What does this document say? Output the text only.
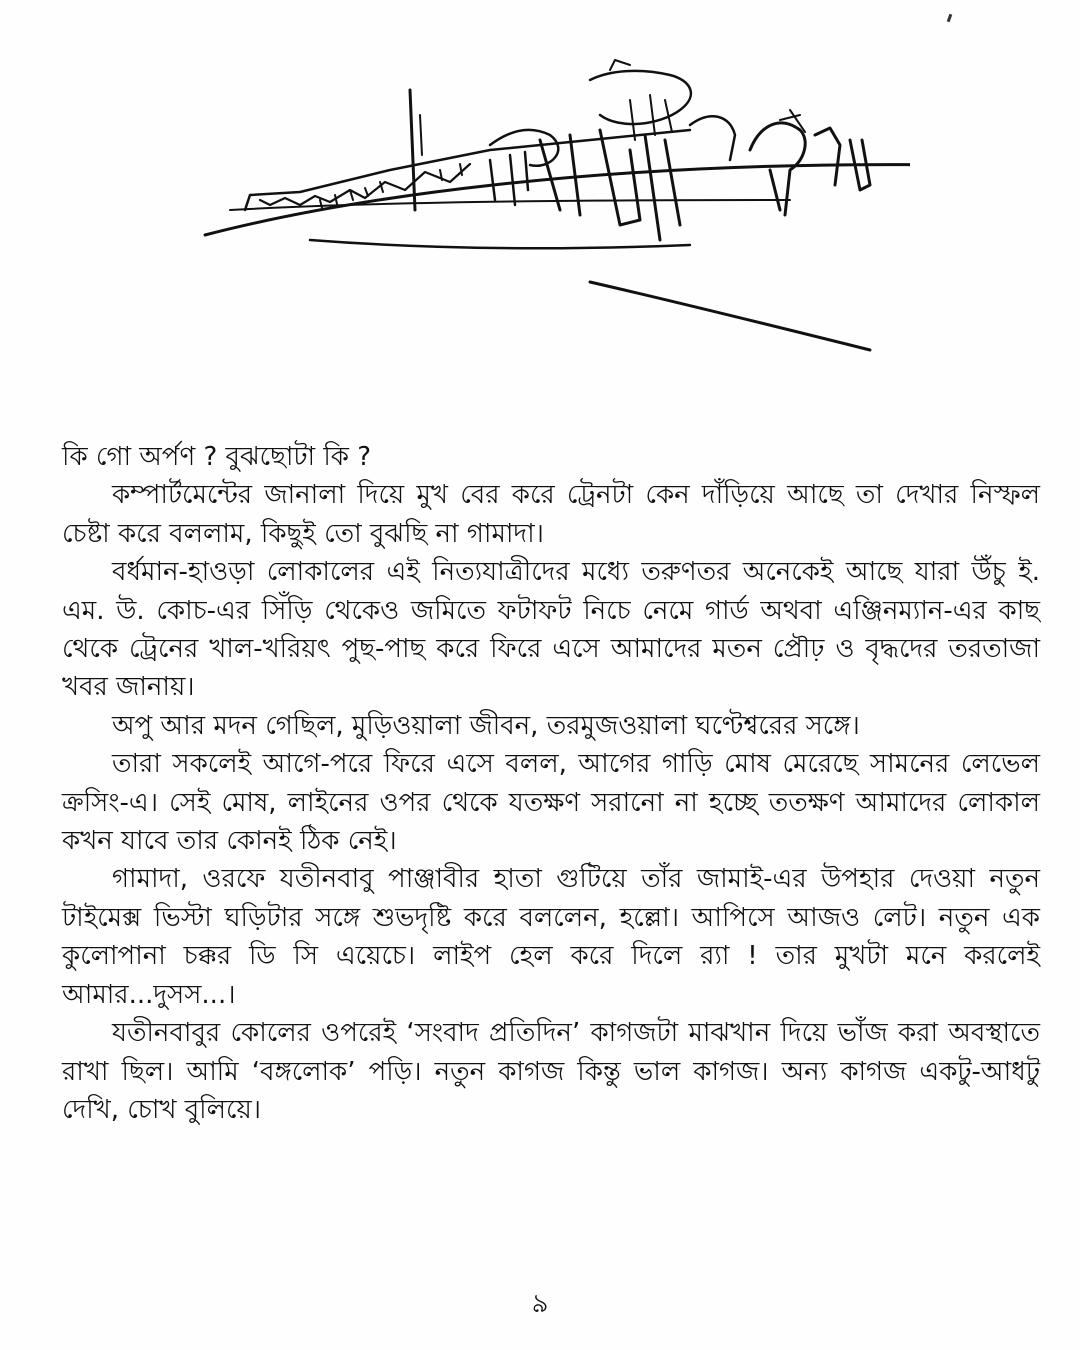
কি গো অর্পণ ? বুঝছোটা কি ?

কম্পার্টমেন্টের জানালা দিয়ে মুখ বের করে ট্রেনটা কেন দাঁড়িয়ে আছে তা দেখার নিস্ফল চেষ্টা করে বললাম, কিছুই তো বুঝছি না গামাদা।

বর্ধমান-হাওড়া লোকালের এই নিত্যযাত্রীদের মধ্যে তরুণতর অনেকেই আছে যারা উঁচু ই. এম. উ. কোচ-এর সিঁড়ি থেকেও জমিতে ফটাফট নিচে নেমে গার্ড অথবা এঞ্জিনম্যান-এর কাছ থেকে ট্রেনের খাল-খরিয়ৎ পুছ-পাছ করে ফিরে এসে আমাদের মতন প্রৌঢ় ও বৃদ্ধদের তরতাজা খবর জানায়।

অপু আর মদন গেছিল, মুড়িওয়ালা জীবন, তরমুজওয়ালা ঘণ্টেশ্বরের সঙ্গে।

তারা সকলেই আগে-পরে ফিরে এসে বলল, আগের গাড়ি মোষ মেরেছে সামনের লেভেল ক্রসিং-এ। সেই মোষ, লাইনের ওপর থেকে যতক্ষণ সরানো না হচ্ছে ততক্ষণ আমাদের লোকাল কখন যাবে তার কোনই ঠিক নেই।

গামাদা, ওরফে যতীনবাবু পাঞ্জাবীর হাতা গুটিয়ে তাঁর জামাই-এর উপহার দেওয়া নতুন টাইমেক্স ভিস্টা ঘড়িটার সঙ্গে শুভদৃষ্টি করে বললেন, হল্লো। আপিসে আজও লেট। নতুন এক কুলোপানা চক্কর ডি সি এয়েচে। লাইপ হেল করে দিলে র‍্যা ! তার মুখটা মনে করলেই আমার...দুসস...।

যতীনবাবুর কোলের ওপরেই ‘সংবাদ প্রতিদিন’ কাগজটা মাঝখান দিয়ে ভাঁজ করা অবস্থাতে রাখা ছিল। আমি ‘বঙ্গলোক’ পড়ি। নতুন কাগজ কিন্তু ভাল কাগজ। অন্য কাগজ একটু-আধটু দেখি, চোখ বুলিয়ে।

৯
